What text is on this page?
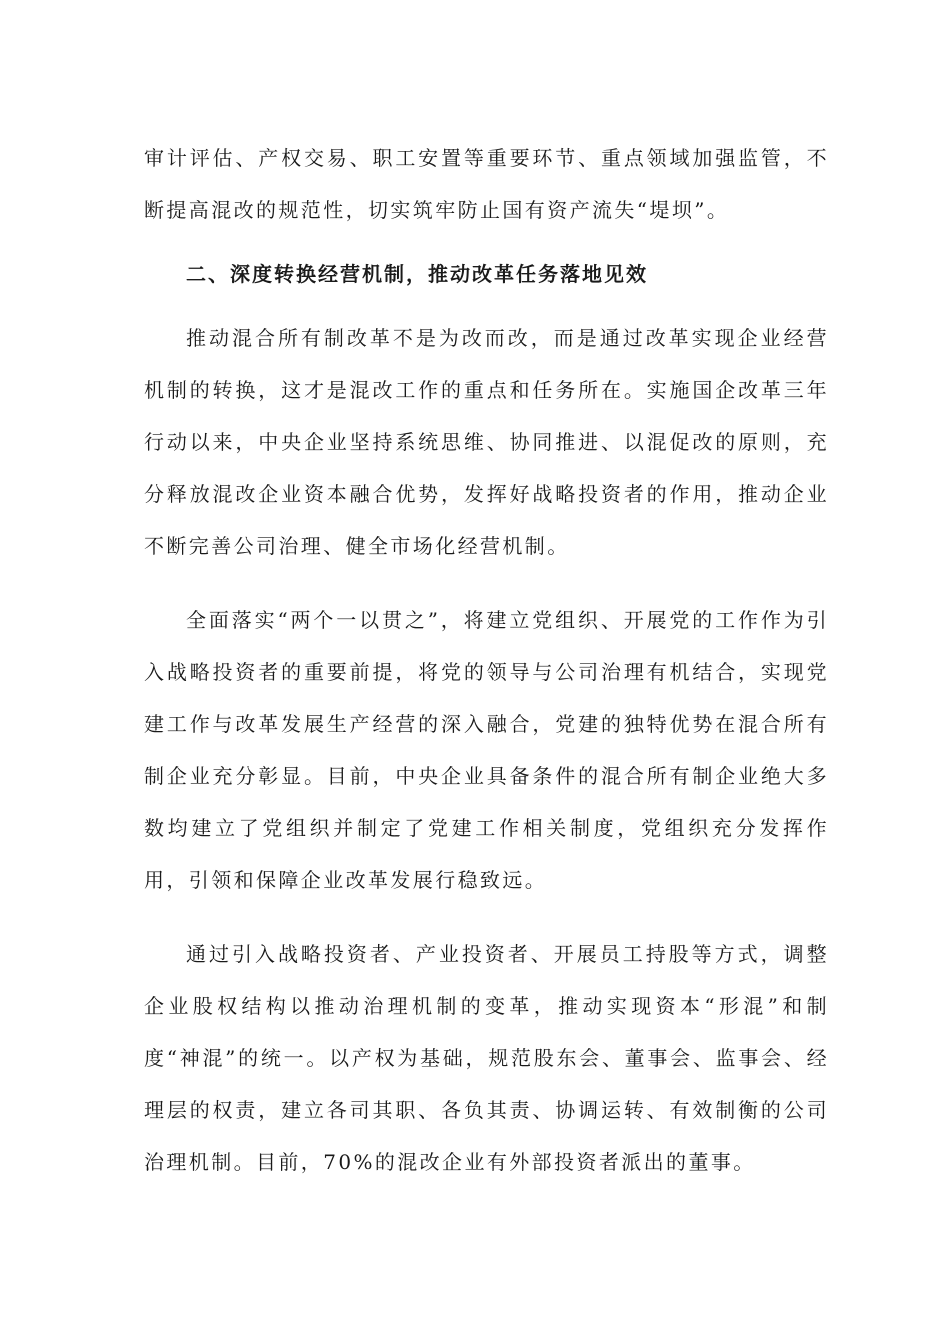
审计评估、产权交易、职工安置等重要环节、重点领域加强监管，不断提高混改的规范性，切实筑牢防止国有资产流失“堤坝”。

二、深度转换经营机制，推动改革任务落地见效

推动混合所有制改革不是为改而改，而是通过改革实现企业经营机制的转换，这才是混改工作的重点和任务所在。实施国企改革三年行动以来，中央企业坚持系统思维、协同推进、以混促改的原则，充分释放混改企业资本融合优势，发挥好战略投资者的作用，推动企业不断完善公司治理、健全市场化经营机制。

全面落实“两个一以贯之”，将建立党组织、开展党的工作作为引入战略投资者的重要前提，将党的领导与公司治理有机结合，实现党建工作与改革发展生产经营的深入融合，党建的独特优势在混合所有制企业充分彰显。目前，中央企业具备条件的混合所有制企业绝大多数均建立了党组织并制定了党建工作相关制度，党组织充分发挥作用，引领和保障企业改革发展行稳致远。

通过引入战略投资者、产业投资者、开展员工持股等方式，调整企业股权结构以推动治理机制的变革，推动实现资本“形混”和制度“神混”的统一。以产权为基础，规范股东会、董事会、监事会、经理层的权责，建立各司其职、各负其责、协调运转、有效制衡的公司治理机制。目前，70%的混改企业有外部投资者派出的董事。
